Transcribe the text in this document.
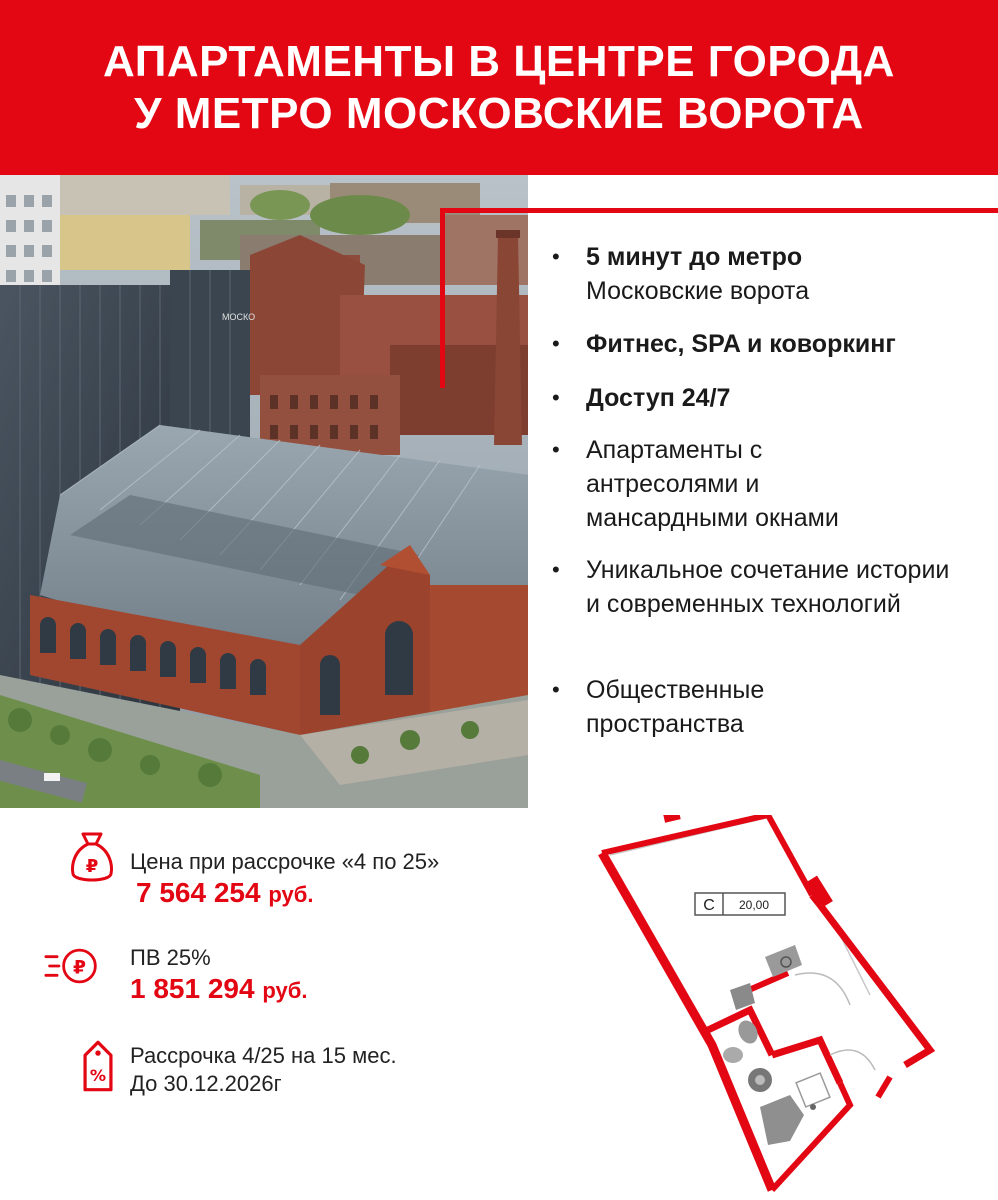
АПАРТАМЕНТЫ В ЦЕНТРЕ ГОРОДА
У МЕТРО МОСКОВСКИЕ ВОРОТА
МОСКО
•	5 минут до метро
Московские ворота
•	Фитнес, SPA и коворкинг
•	Доступ 24/7
•	Апартаменты с антресолями и мансардными окнами
•	Уникальное сочетание истории и современных технологий
•	Общественные пространства
₽ Цена при рассрочке «4 по 25»
7 564 254 руб.
₽ ПВ 25%
1 851 294 руб.
%
Рассрочка 4/25 на 15 мес.
До 30.12.2026г
С 20,00
